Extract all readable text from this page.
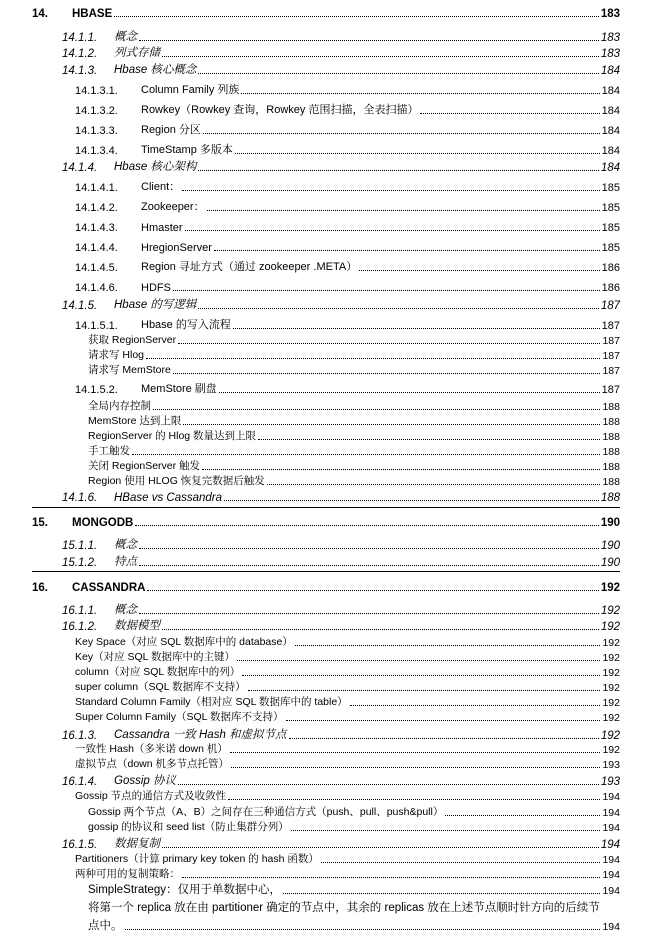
14.	HBASE	183
14.1.1.	概念	183
14.1.2.	列式存储	183
14.1.3.	Hbase 核心概念	184
14.1.3.1.	Column Family 列族	184
14.1.3.2.	Rowkey（Rowkey 查询，Rowkey 范围扫描，全表扫描）	184
14.1.3.3.	Region 分区	184
14.1.3.4.	TimeStamp 多版本	184
14.1.4.	Hbase 核心架构	184
14.1.4.1.	Client：	185
14.1.4.2.	Zookeeper：	185
14.1.4.3.	Hmaster	185
14.1.4.4.	HregionServer	185
14.1.4.5.	Region 寻址方式（通过 zookeeper .META）	186
14.1.4.6.	HDFS	186
14.1.5.	Hbase 的写逻辑	187
14.1.5.1.	Hbase 的写入流程	187
获取 RegionServer	187
请求写 Hlog	187
请求写 MemStore	187
14.1.5.2.	MemStore 刷盘	187
全局内存控制	188
MemStore 达到上限	188
RegionServer 的 Hlog 数量达到上限	188
手工触发	188
关闭 RegionServer 触发	188
Region 使用 HLOG 恢复完数据后触发	188
14.1.6.	HBase vs Cassandra	188
15.	MONGODB	190
15.1.1.	概念	190
15.1.2.	特点	190
16.	CASSANDRA	192
16.1.1.	概念	192
16.1.2.	数据模型	192
Key Space（对应 SQL 数据库中的 database）	192
Key（对应 SQL 数据库中的主键）	192
column（对应 SQL 数据库中的列）	192
super column（SQL 数据库不支持）	192
Standard Column Family（相对应 SQL 数据库中的 table）	192
Super Column Family（SQL 数据库不支持）	192
16.1.3.	Cassandra 一致 Hash 和虚拟节点	192
一致性 Hash（多米诺 down 机）	192
虚拟节点（down 机多节点托管）	193
16.1.4.	Gossip 协议	193
Gossip 节点的通信方式及收敛性	194
Gossip 两个节点（A、B）之间存在三种通信方式（push、pull、push&pull）	194
gossip 的协议和 seed list（防止集群分列）	194
16.1.5.	数据复制	194
Partitioners（计算 primary key token 的 hash 函数）	194
两种可用的复制策略：	194
SimpleStrategy：仅用于单数据中心，	194
将第一个 replica 放在由 partitioner 确定的节点中，其余的 replicas 放在上述节点顺时针方向的后续节
点中。	194
